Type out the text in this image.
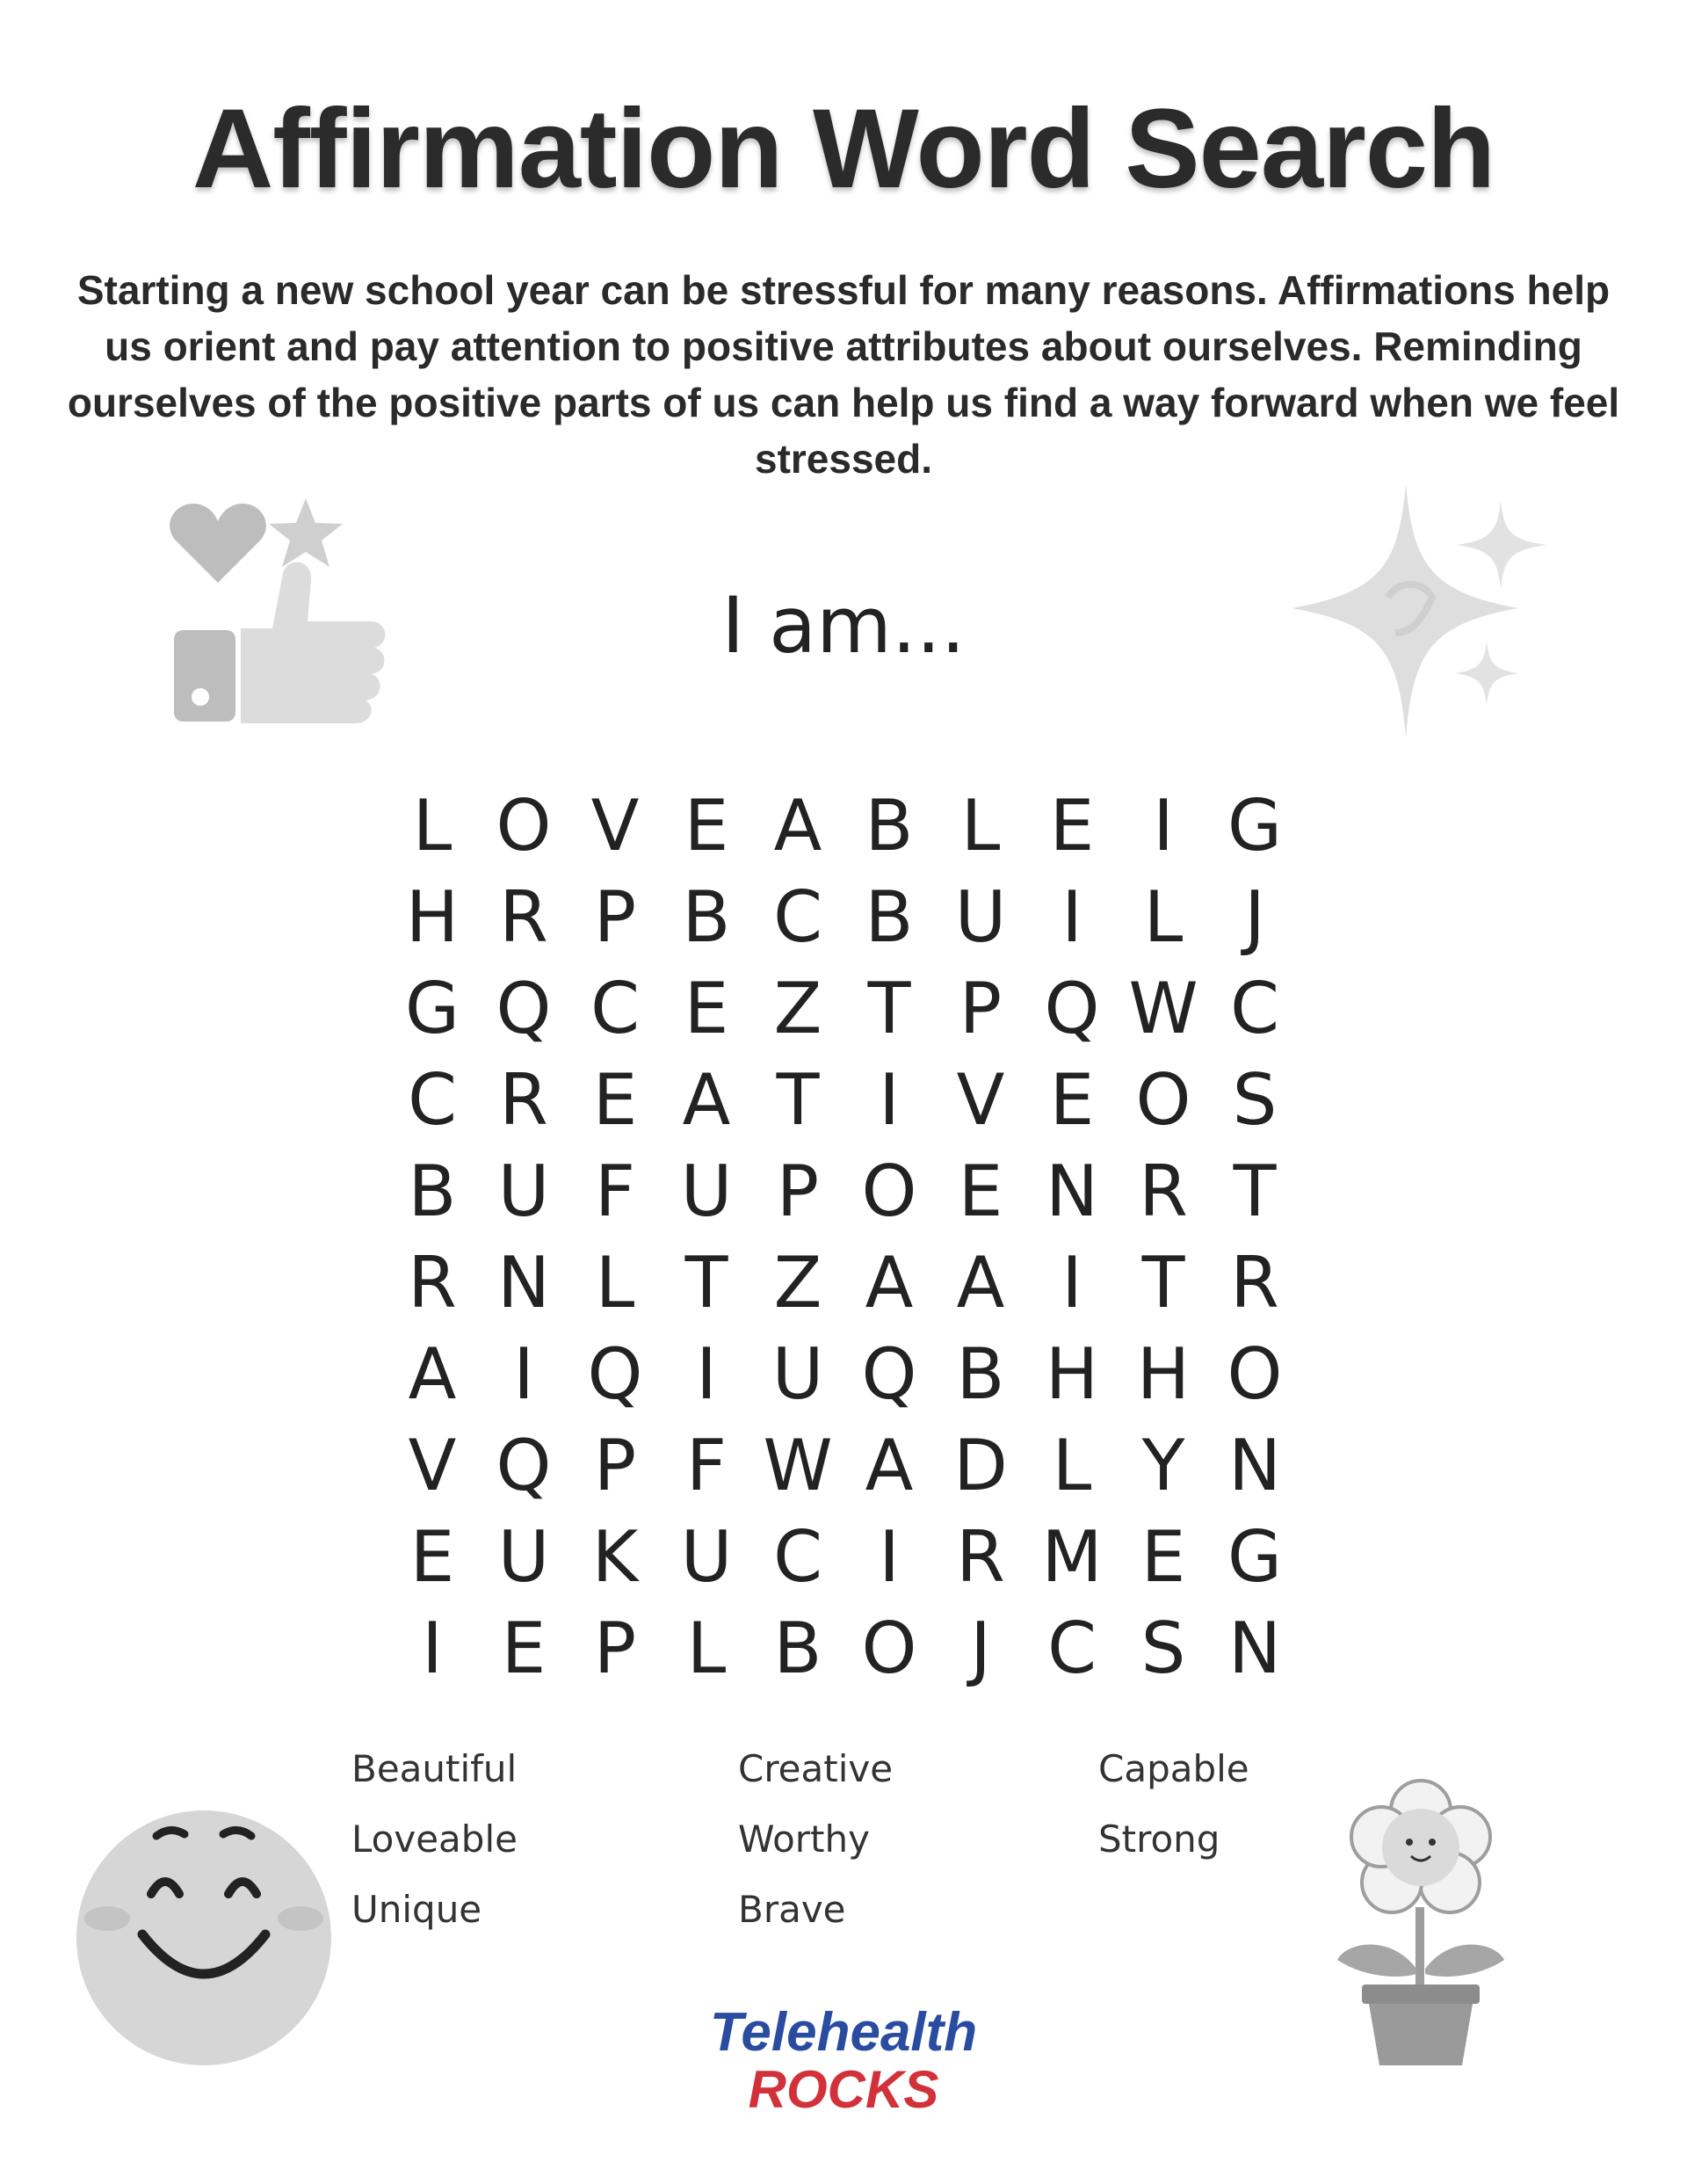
Affirmation Word Search

Starting a new school year can be stressful for many reasons. Affirmations help us orient and pay attention to positive attributes about ourselves. Reminding ourselves of the positive parts of us can help us find a way forward when we feel stressed.

I am...
L O V E A B L E I G
H R P B C B U I L J
G Q C E Z T P Q W C
C R E A T I V E O S
B U F U P O E N R T
R N L T Z A A I T R
A I Q I U Q B H H O
V Q P F W A D L Y N
E U K U C I R M E G
I E P L B O J C S N
Beautiful	Creative	Capable
Loveable	Worthy	Strong
Unique	Brave
Telehealth
ROCKS
